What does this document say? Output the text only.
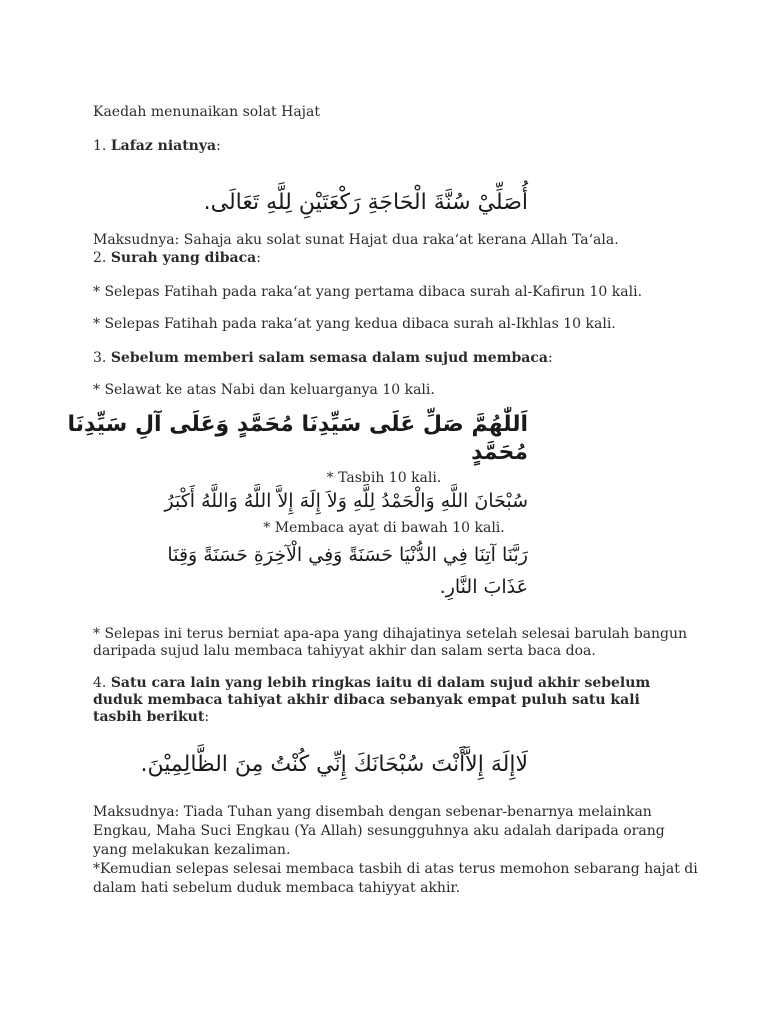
Kaedah menunaikan solat Hajat
1. Lafaz niatnya:
أُصَلِّيْ سُنَّةَ الْحَاجَةِ رَكْعَتَيْنِ لِلَّهِ تَعَالَى.
Maksudnya: Sahaja aku solat sunat Hajat dua raka‘at kerana Allah Ta‘ala.
2. Surah yang dibaca:
* Selepas Fatihah pada raka‘at yang pertama dibaca surah al-Kafirun 10 kali.
* Selepas Fatihah pada raka‘at yang kedua dibaca surah al-Ikhlas 10 kali.
3. Sebelum memberi salam semasa dalam sujud membaca:
* Selawat ke atas Nabi dan keluarganya 10 kali.
اَللّٰهُمَّ صَلِّ عَلَى سَيِّدِنَا مُحَمَّدٍ وَعَلَى آلِ سَيِّدِنَا
مُحَمَّدٍ
* Tasbih 10 kali.
سُبْحَانَ اللَّهِ وَالْحَمْدُ لِلَّهِ وَلاَ إِلَهَ إِلاَّ اللَّهُ وَاللَّهُ أَكْبَرُ
* Membaca ayat di bawah 10 kali.
رَبَّنَا آتِنَا فِي الدُّنْيَا حَسَنَةً وَفِي الْآخِرَةِ حَسَنَةً وَقِنَا
عَذَابَ النَّارِ.
* Selepas ini terus berniat apa-apa yang dihajatinya setelah selesai barulah bangun
daripada sujud lalu membaca tahiyyat akhir dan salam serta baca doa.
4. Satu cara lain yang lebih ringkas iaitu di dalam sujud akhir sebelum
duduk membaca tahiyat akhir dibaca sebanyak empat puluh satu kali
tasbih berikut:
لَاإِلَهَ إِلاَّأَنْتَ سُبْحَانَكَ إِنِّي كُنْتُ مِنَ الظَّالِمِيْنَ.
Maksudnya: Tiada Tuhan yang disembah dengan sebenar-benarnya melainkan
Engkau, Maha Suci Engkau (Ya Allah) sesungguhnya aku adalah daripada orang
yang melakukan kezaliman.
*Kemudian selepas selesai membaca tasbih di atas terus memohon sebarang hajat di
dalam hati sebelum duduk membaca tahiyyat akhir.
